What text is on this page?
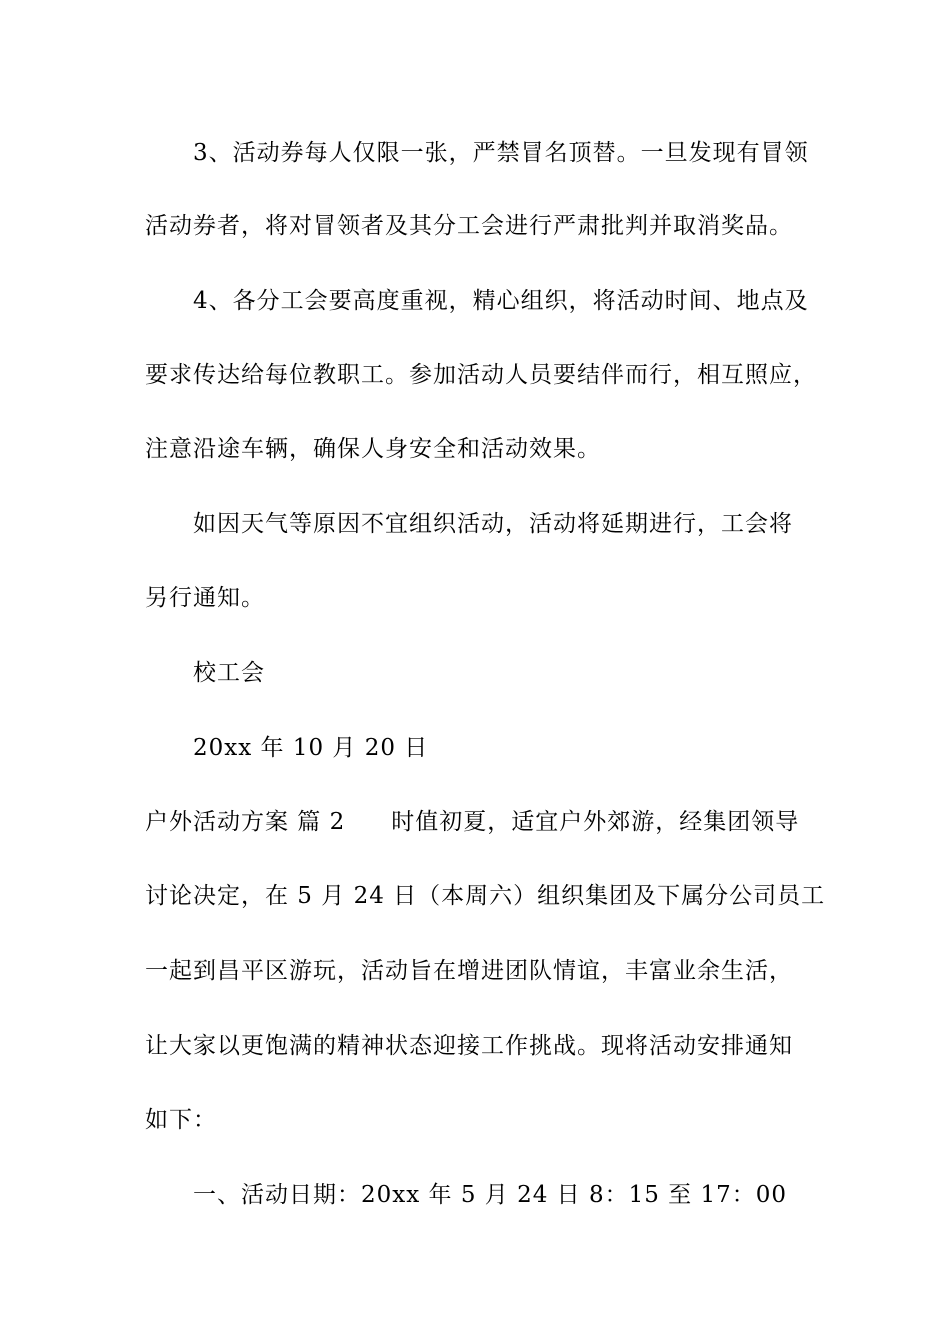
3、活动券每人仅限一张，严禁冒名顶替。一旦发现有冒领
活动券者，将对冒领者及其分工会进行严肃批判并取消奖品。
4、各分工会要高度重视，精心组织，将活动时间、地点及
要求传达给每位教职工。参加活动人员要结伴而行，相互照应，
注意沿途车辆，确保人身安全和活动效果。
如因天气等原因不宜组织活动，活动将延期进行，工会将
另行通知。
校工会
20xx 年 10 月 20 日
户外活动方案 篇 2 时值初夏，适宜户外郊游，经集团领导
讨论决定，在 5 月 24 日（本周六）组织集团及下属分公司员工
一起到昌平区游玩，活动旨在增进团队情谊，丰富业余生活，
让大家以更饱满的精神状态迎接工作挑战。现将活动安排通知
如下：
一、活动日期：20xx 年 5 月 24 日 8：15 至 17：00
